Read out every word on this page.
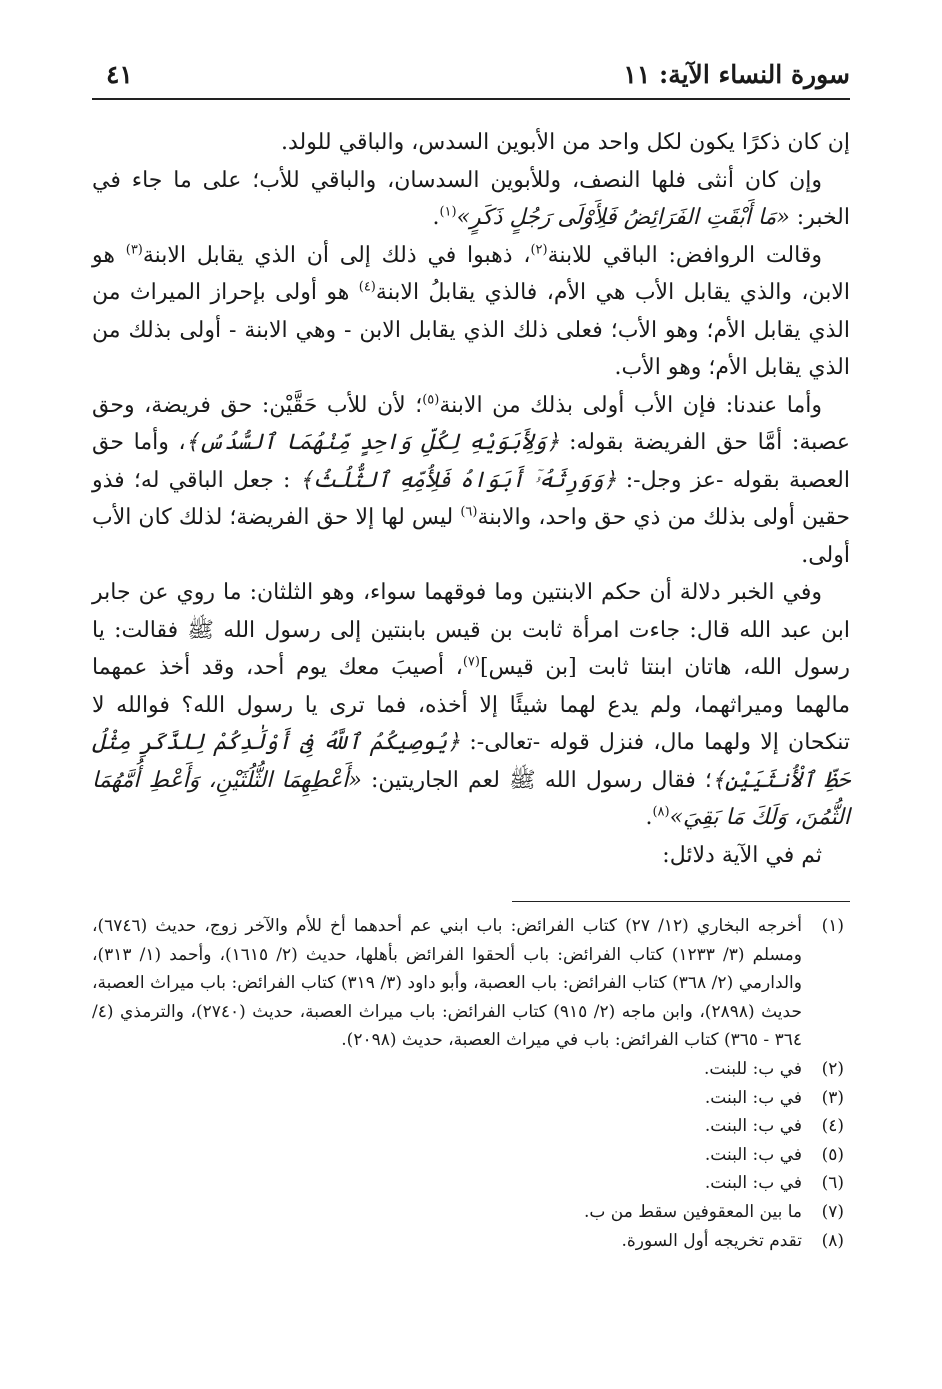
سورة النساء الآية: ١١
٤١

إن كان ذكرًا يكون لكل واحد من الأبوين السدس، والباقي للولد.

وإن كان أنثى فلها النصف، وللأبوين السدسان، والباقي للأب؛ على ما جاء في الخبر: «مَا أَبْقَتِ الفَرَائِضُ فَلِأَوْلَى رَجُلٍ ذَكَرٍ»$^{(١)}$.

وقالت الروافض: الباقي للابنة$^{(٢)}$، ذهبوا في ذلك إلى أن الذي يقابل الابنة$^{(٣)}$ هو الابن، والذي يقابل الأب هي الأم، فالذي يقابلُ الابنة$^{(٤)}$ هو أولى بإحراز الميراث من الذي يقابل الأم؛ وهو الأب؛ فعلى ذلك الذي يقابل الابن - وهي الابنة - أولى بذلك من الذي يقابل الأم؛ وهو الأب.

وأما عندنا: فإن الأب أولى بذلك من الابنة$^{(٥)}$؛ لأن للأب حَقَّيْن: حق فريضة، وحق عصبة: أمَّا حق الفريضة بقوله: ﴿وَلِأَبَوَيْهِ لِكُلِّ وَاحِدٍ مِّنْهُمَا ٱلسُّدُسُ﴾، وأما حق العصبة بقوله -عز وجل-: ﴿وَوَرِثَهُۥٓ أَبَوَاهُ فَلِأُمِّهِ ٱلثُّلُثُ﴾ : جعل الباقي له؛ فذو حقين أولى بذلك من ذي حق واحد، والابنة$^{(٦)}$ ليس لها إلا حق الفريضة؛ لذلك كان الأب أولى.

وفي الخبر دلالة أن حكم الابنتين وما فوقهما سواء، وهو الثلثان: ما روي عن جابر ابن عبد الله قال: جاءت امرأة ثابت بن قيس بابنتين إلى رسول الله ﷺ فقالت: يا رسول الله، هاتان ابنتا ثابت [بن قيس]$^{(٧)}$، أصيبَ معك يوم أحد، وقد أخذ عمهما مالهما وميراثهما، ولم يدع لهما شيئًا إلا أخذه، فما ترى يا رسول الله؟ فوالله لا تنكحان إلا ولهما مال، فنزل قوله -تعالى-: ﴿يُوصِيكُمُ ٱللَّهُ فِىٓ أَوْلَٰدِكُمْ لِلذَّكَرِ مِثْلُ حَظِّ ٱلْأُنثَيَيْنِ﴾؛ فقال رسول الله ﷺ لعم الجاريتين: «أَعْطِهِمَا الثُّلُثَيْنِ، وَأَعْطِ أُمَّهُمَا الثُّمُنَ، وَلَكَ مَا بَقِيَ»$^{(٨)}$.

ثم في الآية دلائل:

(١)
أخرجه البخاري (١٢/ ٢٧) كتاب الفرائض: باب ابني عم أحدهما أخ للأم والآخر زوج، حديث (٦٧٤٦)، ومسلم (٣/ ١٢٣٣) كتاب الفرائض: باب ألحقوا الفرائض بأهلها، حديث (٢/ ١٦١٥)، وأحمد (١/ ٣١٣)، والدارمي (٢/ ٣٦٨) كتاب الفرائض: باب العصبة، وأبو داود (٣/ ٣١٩) كتاب الفرائض: باب ميراث العصبة، حديث (٢٨٩٨)، وابن ماجه (٢/ ٩١٥) كتاب الفرائض: باب ميراث العصبة، حديث (٢٧٤٠)، والترمذي (٤/ ٣٦٤ - ٣٦٥) كتاب الفرائض: باب في ميراث العصبة، حديث (٢٠٩٨).
(٢)
في ب: للبنت.
(٣)
في ب: البنت.
(٤)
في ب: البنت.
(٥)
في ب: البنت.
(٦)
في ب: البنت.
(٧)
ما بين المعقوفين سقط من ب.
(٨)
تقدم تخريجه أول السورة.
